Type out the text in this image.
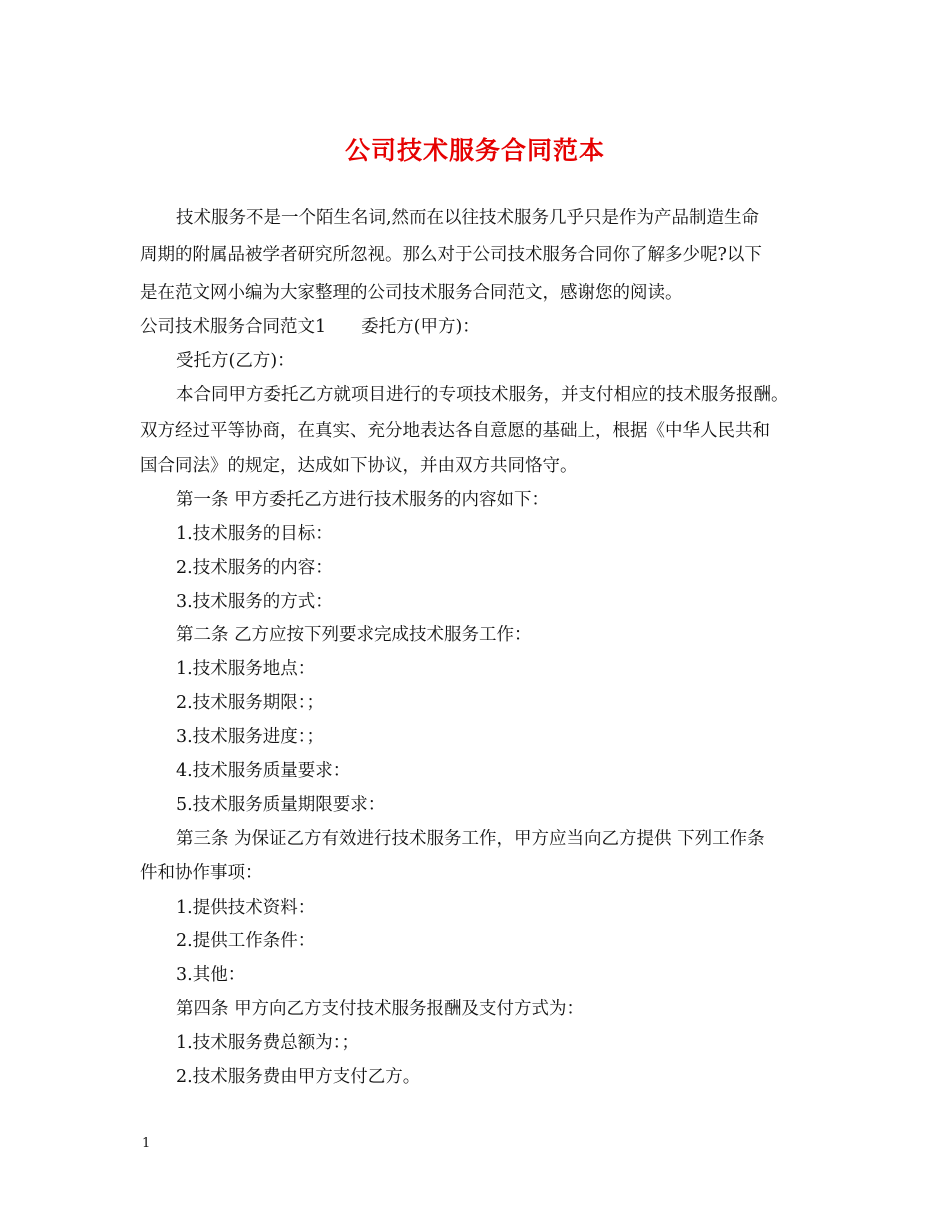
公司技术服务合同范本
技术服务不是一个陌生名词,然而在以往技术服务几乎只是作为产品制造生命
周期的附属品被学者研究所忽视。那么对于公司技术服务合同你了解多少呢?以下
是在范文网小编为大家整理的公司技术服务合同范文，感谢您的阅读。
公司技术服务合同范文1　　委托方(甲方)：
受托方(乙方)：
本合同甲方委托乙方就项目进行的专项技术服务，并支付相应的技术服务报酬。
双方经过平等协商，在真实、充分地表达各自意愿的基础上，根据《中华人民共和
国合同法》的规定，达成如下协议，并由双方共同恪守。
第一条 甲方委托乙方进行技术服务的内容如下：
1.技术服务的目标：
2.技术服务的内容：
3.技术服务的方式：
第二条 乙方应按下列要求完成技术服务工作：
1.技术服务地点：
2.技术服务期限：；
3.技术服务进度：；
4.技术服务质量要求：
5.技术服务质量期限要求：
第三条 为保证乙方有效进行技术服务工作，甲方应当向乙方提供 下列工作条
件和协作事项：
1.提供技术资料：
2.提供工作条件：
3.其他：
第四条 甲方向乙方支付技术服务报酬及支付方式为：
1.技术服务费总额为：；
2.技术服务费由甲方支付乙方。
1
